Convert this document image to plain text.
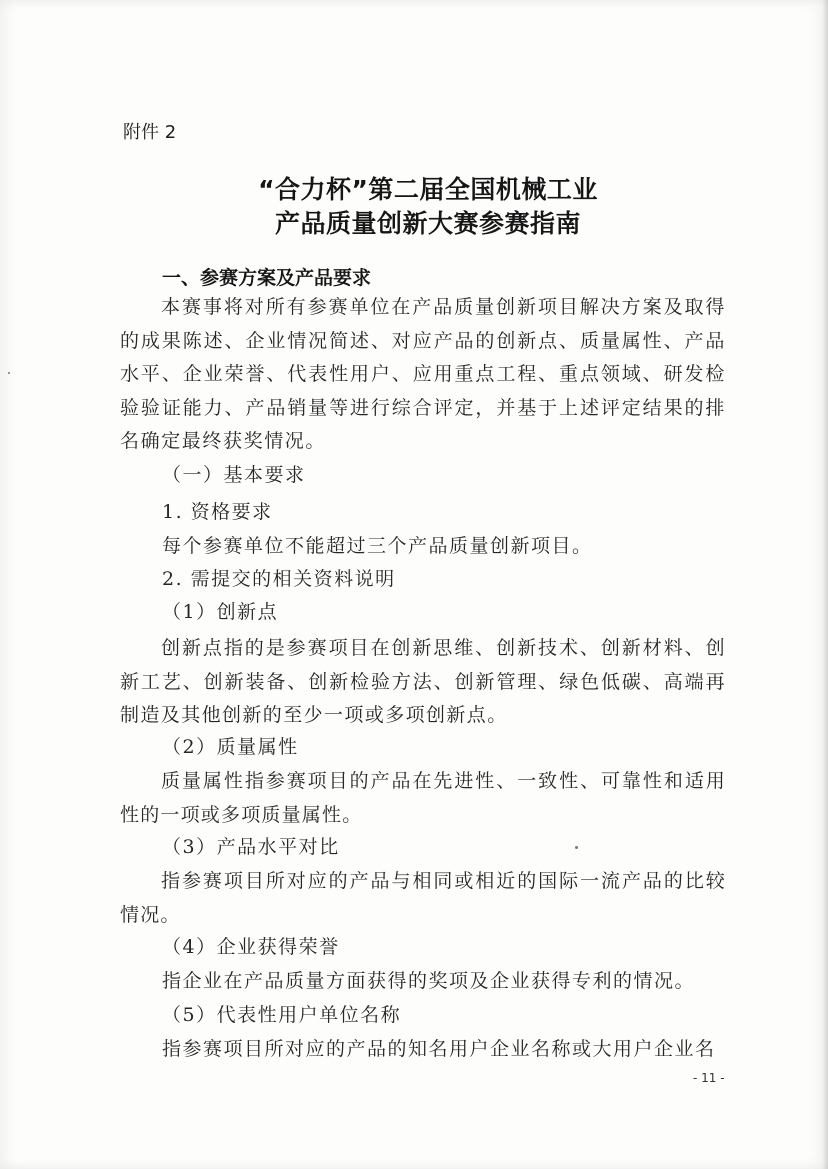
附件 2
“合力杯”第二届全国机械工业
产品质量创新大赛参赛指南
一、参赛方案及产品要求
本赛事将对所有参赛单位在产品质量创新项目解决方案及取得的成果陈述、企业情况简述、对应产品的创新点、质量属性、产品水平、企业荣誉、代表性用户、应用重点工程、重点领域、研发检验验证能力、产品销量等进行综合评定，并基于上述评定结果的排名确定最终获奖情况。
（一）基本要求
1. 资格要求
每个参赛单位不能超过三个产品质量创新项目。
2. 需提交的相关资料说明
（1）创新点
创新点指的是参赛项目在创新思维、创新技术、创新材料、创新工艺、创新装备、创新检验方法、创新管理、绿色低碳、高端再制造及其他创新的至少一项或多项创新点。
（2）质量属性
质量属性指参赛项目的产品在先进性、一致性、可靠性和适用性的一项或多项质量属性。
（3）产品水平对比
指参赛项目所对应的产品与相同或相近的国际一流产品的比较情况。
（4）企业获得荣誉
指企业在产品质量方面获得的奖项及企业获得专利的情况。
（5）代表性用户单位名称
指参赛项目所对应的产品的知名用户企业名称或大用户企业名
- 11 -
